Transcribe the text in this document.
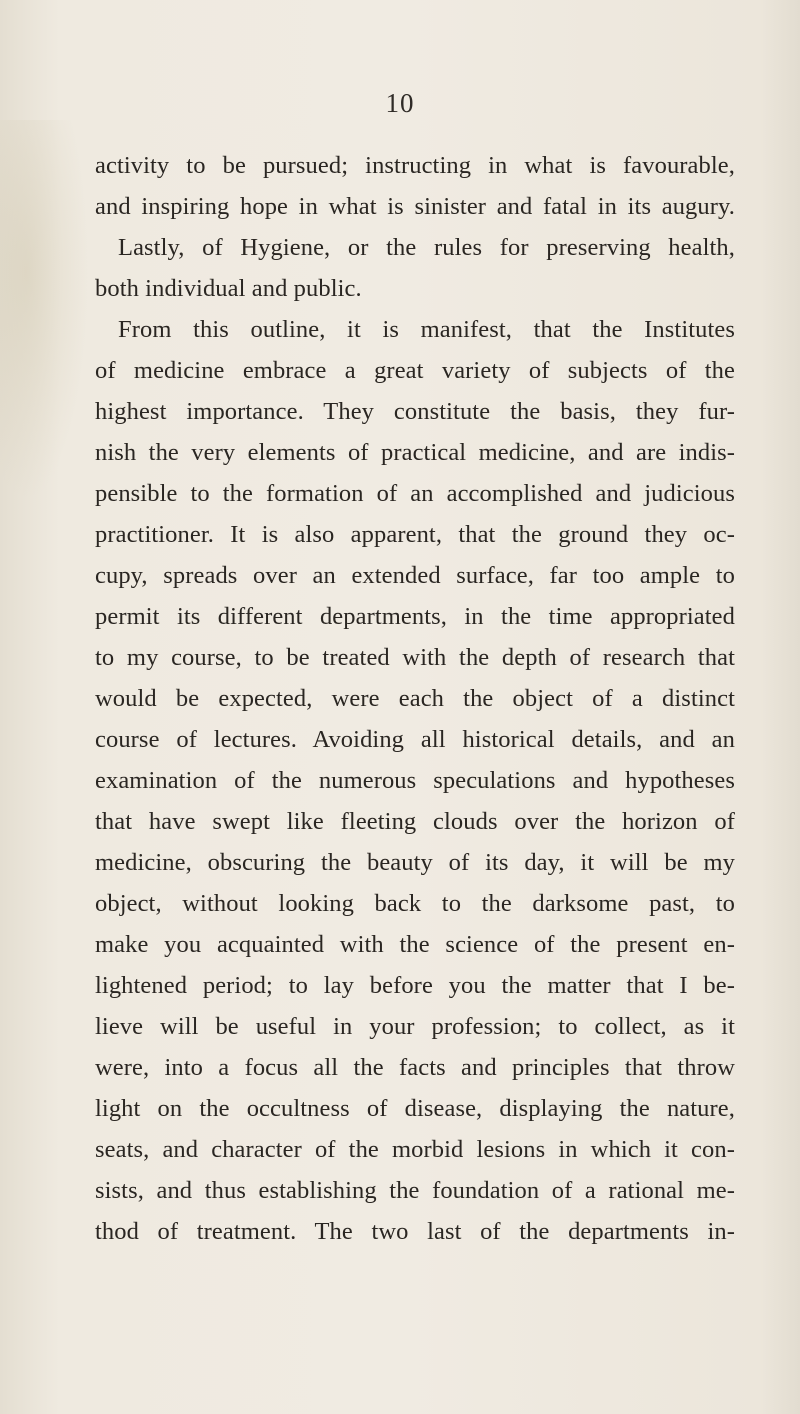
10
activity to be pursued; instructing in what is favourable,
and inspiring hope in what is sinister and fatal in its augury.
Lastly, of Hygiene, or the rules for preserving health,
both individual and public.
From this outline, it is manifest, that the Institutes
of medicine embrace a great variety of subjects of the
highest importance. They constitute the basis, they fur-
nish the very elements of practical medicine, and are indis-
pensible to the formation of an accomplished and judicious
practitioner. It is also apparent, that the ground they oc-
cupy, spreads over an extended surface, far too ample to
permit its different departments, in the time appropriated
to my course, to be treated with the depth of research that
would be expected, were each the object of a distinct
course of lectures. Avoiding all historical details, and an
examination of the numerous speculations and hypotheses
that have swept like fleeting clouds over the horizon of
medicine, obscuring the beauty of its day, it will be my
object, without looking back to the darksome past, to
make you acquainted with the science of the present en-
lightened period; to lay before you the matter that I be-
lieve will be useful in your profession; to collect, as it
were, into a focus all the facts and principles that throw
light on the occultness of disease, displaying the nature,
seats, and character of the morbid lesions in which it con-
sists, and thus establishing the foundation of a rational me-
thod of treatment. The two last of the departments in-
